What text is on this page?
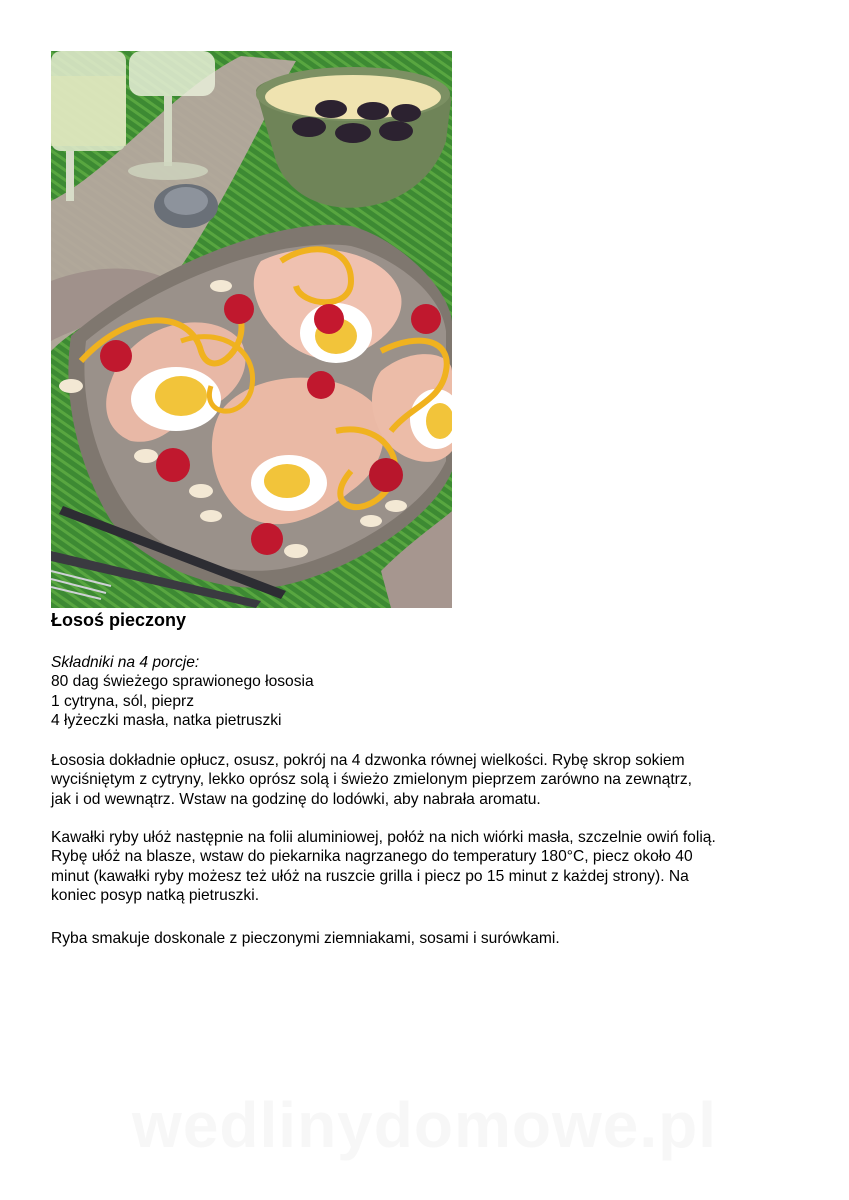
Łosoś pieczony
Składniki na 4 porcje:
80 dag świeżego sprawionego łososia
1 cytryna, sól, pieprz
4 łyżeczki masła, natka pietruszki
Łososia dokładnie opłucz, osusz, pokrój na 4 dzwonka równej wielkości. Rybę skrop sokiem
wyciśniętym z cytryny, lekko oprósz solą i świeżo zmielonym pieprzem zarówno na zewnątrz,
jak i od wewnątrz. Wstaw na godzinę do lodówki, aby nabrała aromatu.
Kawałki ryby ułóż następnie na folii aluminiowej, połóż na nich wiórki masła, szczelnie owiń folią.
Rybę ułóż na blasze, wstaw do piekarnika nagrzanego do temperatury 180°C, piecz około 40
minut (kawałki ryby możesz też ułóż na ruszcie grilla i piecz po 15 minut z każdej strony). Na
koniec posyp natką pietruszki.
Ryba smakuje doskonale z pieczonymi ziemniakami, sosami i surówkami.
wedlinydomowe.pl
